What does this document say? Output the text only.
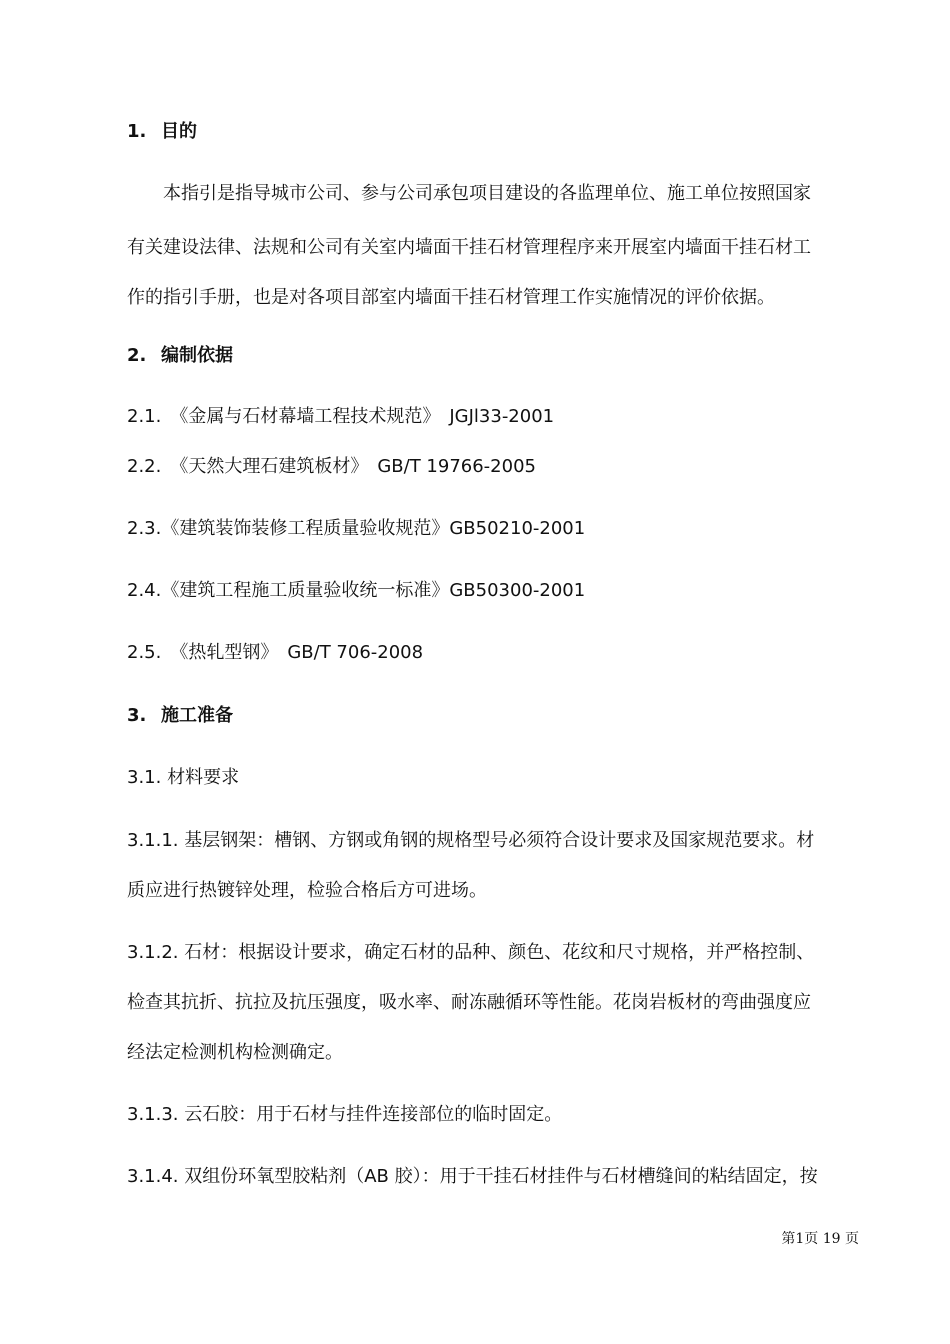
1. 目的
本指引是指导城市公司、参与公司承包项目建设的各监理单位、施工单位按照国家
有关建设法律、法规和公司有关室内墙面干挂石材管理程序来开展室内墙面干挂石材工
作的指引手册，也是对各项目部室内墙面干挂石材管理工作实施情况的评价依据。
2. 编制依据
2.1.　《金属与石材幕墙工程技术规范》　JGJl33-2001
2.2.　《天然大理石建筑板材》　GB/T 19766-2005
2.3.《建筑装饰装修工程质量验收规范》GB50210-2001
2.4.《建筑工程施工质量验收统一标准》GB50300-2001
2.5.　《热轧型钢》　GB/T 706-2008
3. 施工准备
3.1. 材料要求
3.1.1. 基层钢架：槽钢、方钢或角钢的规格型号必须符合设计要求及国家规范要求。材
质应进行热镀锌处理，检验合格后方可进场。
3.1.2. 石材：根据设计要求，确定石材的品种、颜色、花纹和尺寸规格，并严格控制、
检查其抗折、抗拉及抗压强度，吸水率、耐冻融循环等性能。花岗岩板材的弯曲强度应
经法定检测机构检测确定。
3.1.3. 云石胶：用于石材与挂件连接部位的临时固定。
3.1.4. 双组份环氧型胶粘剂（AB 胶）：用于干挂石材挂件与石材槽缝间的粘结固定，按
第1页 19 页
